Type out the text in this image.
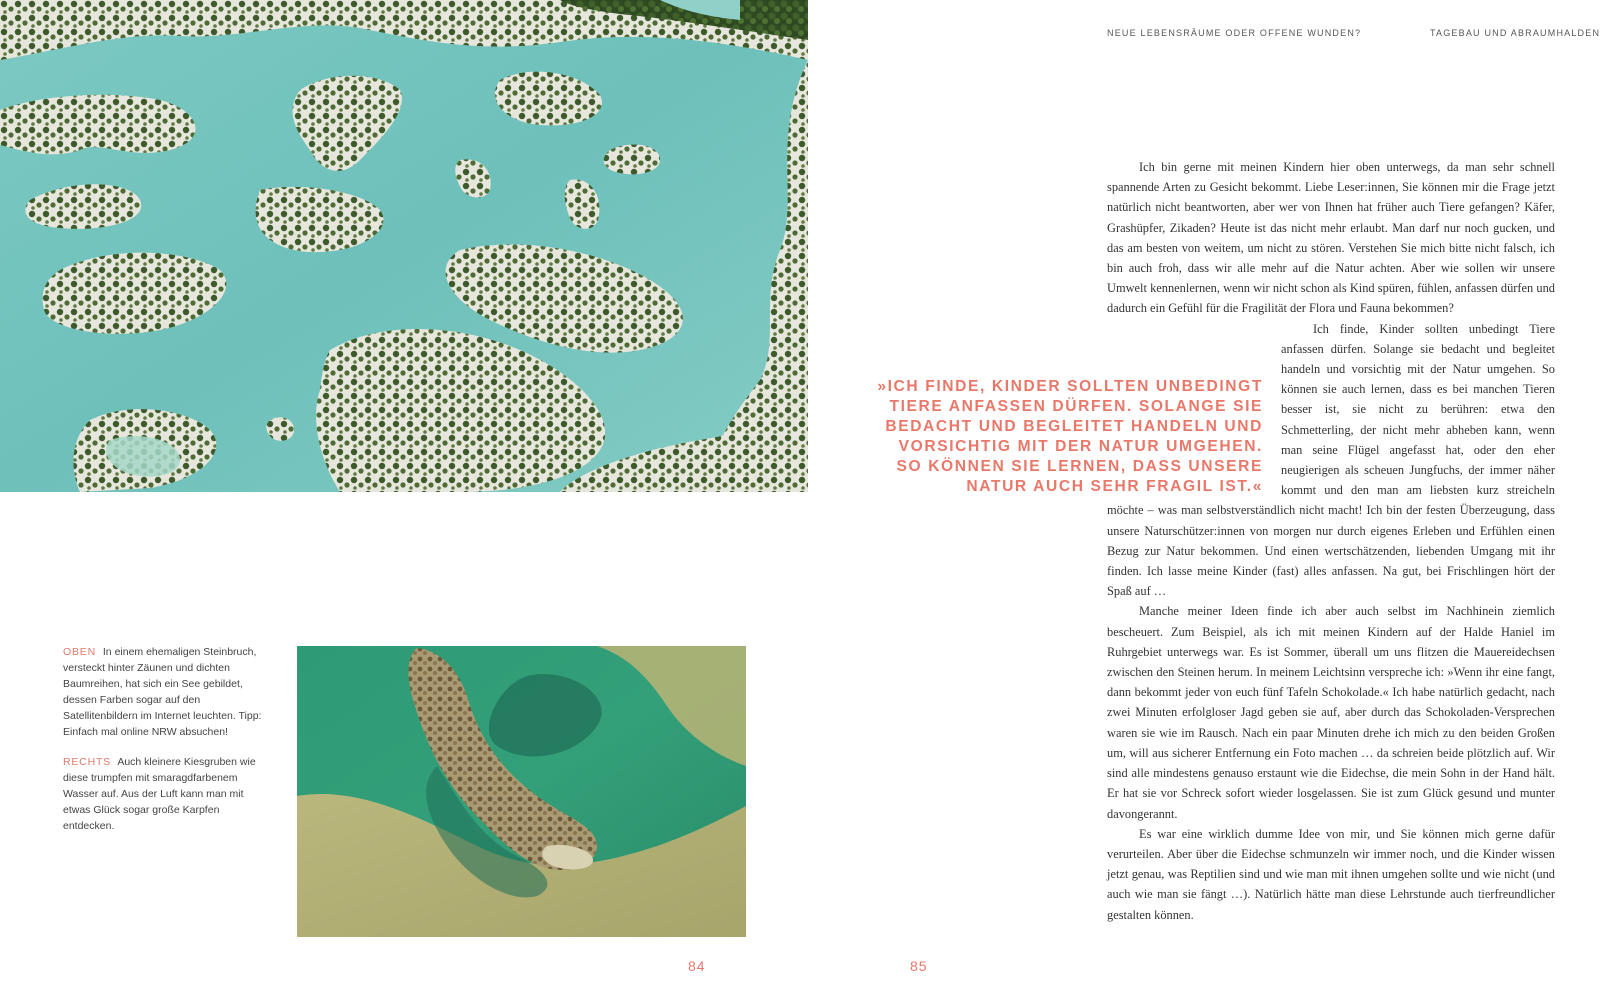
NEUE LEBENSRÄUME ODER OFFENE WUNDEN?	TAGEBAU UND ABRAUMHALDEN

OBEN In einem ehemaligen Steinbruch, versteckt hinter Zäunen und dichten Baumreihen, hat sich ein See gebildet, dessen Farben sogar auf den Satellitenbildern im Internet leuchten. Tipp: Einfach mal online NRW absuchen!

RECHTS Auch kleinere Kiesgruben wie diese trumpfen mit smaragdfarbenem Wasser auf. Aus der Luft kann man mit etwas Glück sogar große Karpfen entdecken.

»ICH FINDE, KINDER SOLLTEN UNBEDINGT TIERE ANFASSEN DÜRFEN. SOLANGE SIE BEDACHT UND BEGLEITET HANDELN UND VORSICHTIG MIT DER NATUR UMGEHEN. SO KÖNNEN SIE LERNEN, DASS UNSERE NATUR AUCH SEHR FRAGIL IST.«

Ich bin gerne mit meinen Kindern hier oben unterwegs, da man sehr schnell spannende Arten zu Gesicht bekommt. Liebe Leser:innen, Sie können mir die Frage jetzt natürlich nicht beantworten, aber wer von Ihnen hat früher auch Tiere gefangen? Käfer, Grashüpfer, Zikaden? Heute ist das nicht mehr erlaubt. Man darf nur noch gucken, und das am besten von weitem, um nicht zu stören. Verstehen Sie mich bitte nicht falsch, ich bin auch froh, dass wir alle mehr auf die Natur achten. Aber wie sollen wir unsere Umwelt kennenlernen, wenn wir nicht schon als Kind spüren, fühlen, anfassen dürfen und dadurch ein Gefühl für die Fragilität der Flora und Fauna bekommen?

Ich finde, Kinder sollten unbedingt Tiere anfassen dürfen. Solange sie bedacht und begleitet handeln und vorsichtig mit der Natur umgehen. So können sie auch lernen, dass es bei manchen Tieren besser ist, sie nicht zu berühren: etwa den Schmetterling, der nicht mehr abheben kann, wenn man seine Flügel angefasst hat, oder den eher neugierigen als scheuen Jungfuchs, der immer näher kommt und den man am liebsten kurz streicheln möchte – was man selbstverständlich nicht macht! Ich bin der festen Überzeugung, dass unsere Naturschützer:innen von morgen nur durch eigenes Erleben und Erfühlen einen Bezug zur Natur bekommen. Und einen wertschätzenden, liebenden Umgang mit ihr finden. Ich lasse meine Kinder (fast) alles anfassen. Na gut, bei Frischlingen hört der Spaß auf …

Manche meiner Ideen finde ich aber auch selbst im Nachhinein ziemlich bescheuert. Zum Beispiel, als ich mit meinen Kindern auf der Halde Haniel im Ruhrgebiet unterwegs war. Es ist Sommer, überall um uns flitzen die Mauereidechsen zwischen den Steinen herum. In meinem Leichtsinn verspreche ich: »Wenn ihr eine fangt, dann bekommt jeder von euch fünf Tafeln Schokolade.« Ich habe natürlich gedacht, nach zwei Minuten erfolgloser Jagd geben sie auf, aber durch das Schokoladen-Versprechen waren sie wie im Rausch. Nach ein paar Minuten drehe ich mich zu den beiden Großen um, will aus sicherer Entfernung ein Foto machen … da schreien beide plötzlich auf. Wir sind alle mindestens genauso erstaunt wie die Eidechse, die mein Sohn in der Hand hält. Er hat sie vor Schreck sofort wieder losgelassen. Sie ist zum Glück gesund und munter davongerannt.

Es war eine wirklich dumme Idee von mir, und Sie können mich gerne dafür verurteilen. Aber über die Eidechse schmunzeln wir immer noch, und die Kinder wissen jetzt genau, was Reptilien sind und wie man mit ihnen umgehen sollte und wie nicht (und auch wie man sie fängt …). Natürlich hätte man diese Lehrstunde auch tierfreundlicher gestalten können.

84	85
